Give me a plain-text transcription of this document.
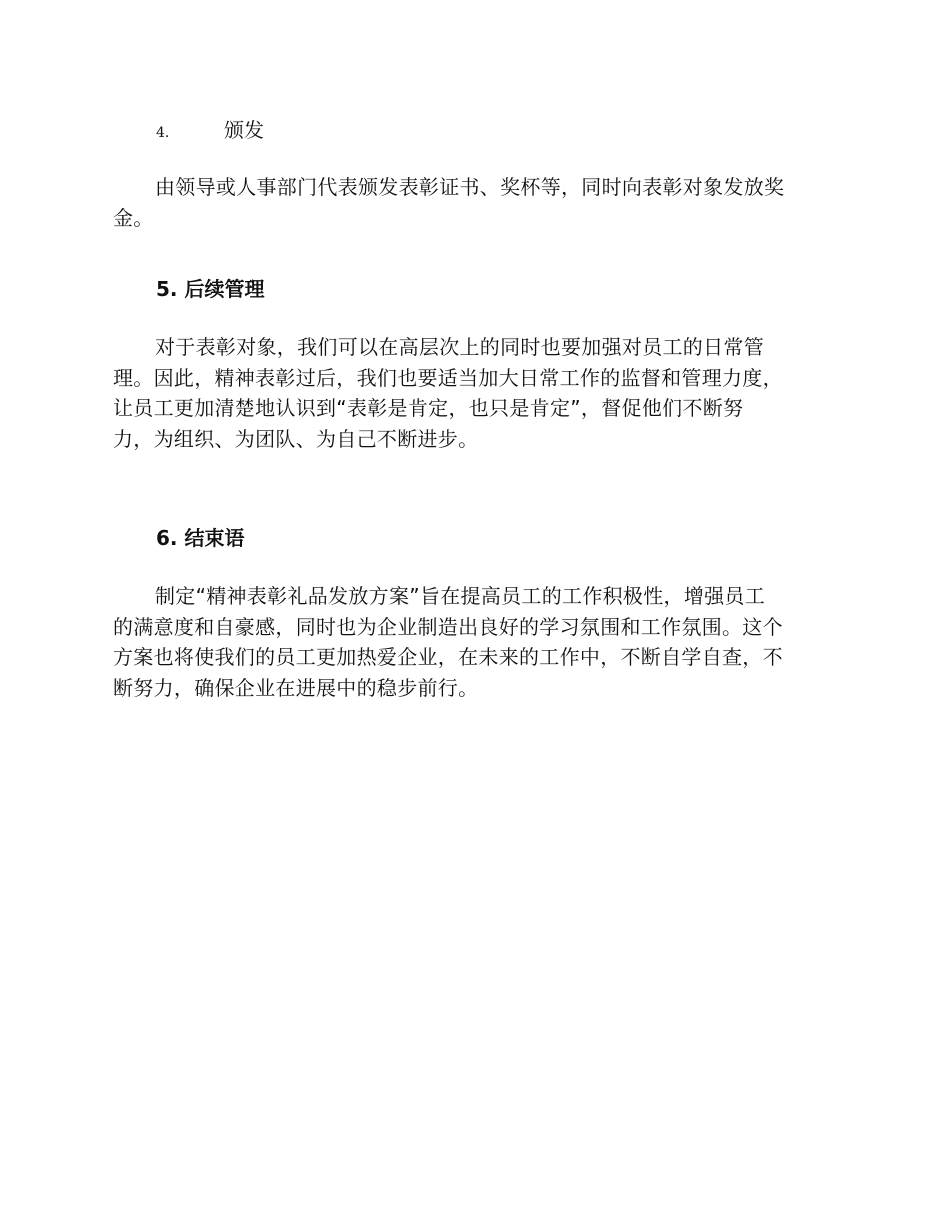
4.	颁发
由领导或人事部门代表颁发表彰证书、奖杯等，同时向表彰对象发放奖
金。
5. 后续管理
对于表彰对象，我们可以在高层次上的同时也要加强对员工的日常管
理。因此，精神表彰过后，我们也要适当加大日常工作的监督和管理力度，
让员工更加清楚地认识到“表彰是肯定，也只是肯定”，督促他们不断努
力，为组织、为团队、为自己不断进步。
6. 结束语
制定“精神表彰礼品发放方案”旨在提高员工的工作积极性，增强员工
的满意度和自豪感，同时也为企业制造出良好的学习氛围和工作氛围。这个
方案也将使我们的员工更加热爱企业，在未来的工作中，不断自学自查，不
断努力，确保企业在进展中的稳步前行。
